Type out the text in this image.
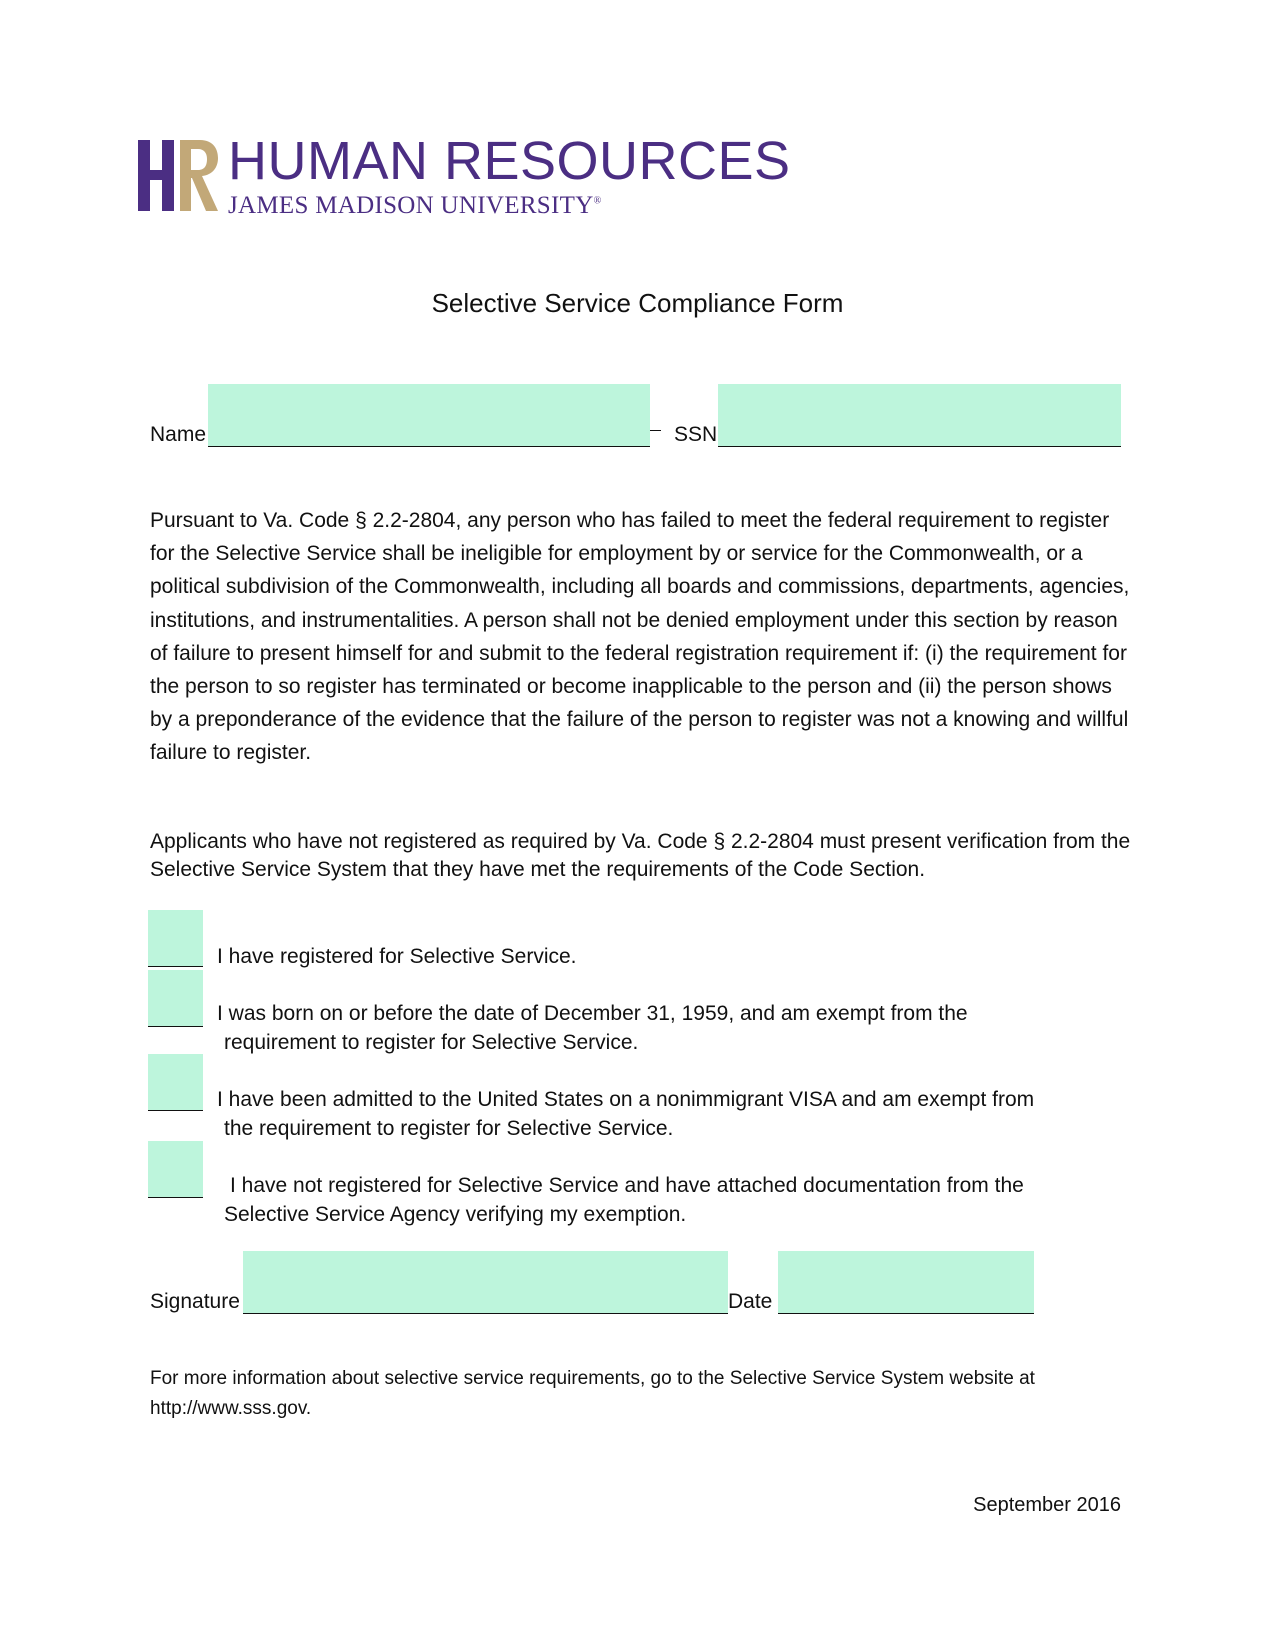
HUMAN RESOURCES
JAMES MADISON UNIVERSITY®
Selective Service Compliance Form
Name	SSN
Pursuant to Va. Code § 2.2-2804, any person who has failed to meet the federal requirement to register for the Selective Service shall be ineligible for employment by or service for the Commonwealth, or a political subdivision of the Commonwealth, including all boards and commissions, departments, agencies, institutions, and instrumentalities. A person shall not be denied employment under this section by reason of failure to present himself for and submit to the federal registration requirement if: (i) the requirement for the person to so register has terminated or become inapplicable to the person and (ii) the person shows by a preponderance of the evidence that the failure of the person to register was not a knowing and willful failure to register.
Applicants who have not registered as required by Va. Code § 2.2-2804 must present verification from the Selective Service System that they have met the requirements of the Code Section.
I have registered for Selective Service.
I was born on or before the date of December 31, 1959, and am exempt from the
requirement to register for Selective Service.
I have been admitted to the United States on a nonimmigrant VISA and am exempt from
the requirement to register for Selective Service.
I have not registered for Selective Service and have attached documentation from the
Selective Service Agency verifying my exemption.
Signature	Date
For more information about selective service requirements, go to the Selective Service System website at http://www.sss.gov.
September 2016
